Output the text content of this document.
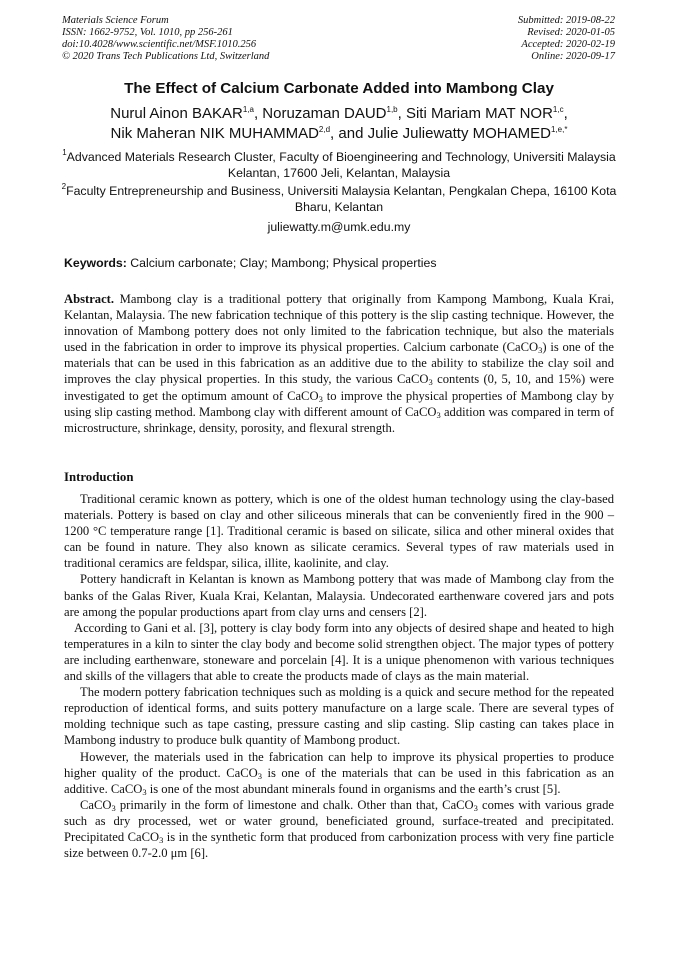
Materials Science Forum
ISSN: 1662-9752, Vol. 1010, pp 256-261
doi:10.4028/www.scientific.net/MSF.1010.256
© 2020 Trans Tech Publications Ltd, Switzerland
Submitted: 2019-08-22
Revised: 2020-01-05
Accepted: 2020-02-19
Online: 2020-09-17
The Effect of Calcium Carbonate Added into Mambong Clay
Nurul Ainon BAKAR$^{1,a}$, Noruzaman DAUD$^{1,b}$, Siti Mariam MAT NOR$^{1,c}$,
Nik Maheran NIK MUHAMMAD$^{2,d}$, and Julie Juliewatty $MOHAMED^{1,e,*}$
$^1$Advanced Materials Research Cluster, Faculty of Bioengineering and Technology, Universiti Malaysia Kelantan, 17600 Jeli, Kelantan, Malaysia
$^2$Faculty Entrepreneurship and Business, Universiti Malaysia Kelantan, Pengkalan Chepa, 16100 Kota Bharu, Kelantan
juliewatty.m@umk.edu.my
Keywords: Calcium carbonate; Clay; Mambong; Physical properties
Abstract. Mambong clay is a traditional pottery that originally from Kampong Mambong, Kuala Krai, Kelantan, Malaysia. The new fabrication technique of this pottery is the slip casting technique. However, the innovation of Mambong pottery does not only limited to the fabrication technique, but also the materials used in the fabrication in order to improve its physical properties. Calcium carbonate (CaCO$_3$) is one of the materials that can be used in this fabrication as an additive due to the ability to stabilize the clay soil and improves the clay physical properties. In this study, the various CaCO$_3$ contents (0, 5, 10, and 15%) were investigated to get the optimum amount of CaCO$_3$ to improve the physical properties of Mambong clay by using slip casting method. Mambong clay with different amount of CaCO$_3$ addition was compared in term of microstructure, shrinkage, density, porosity, and flexural strength.
Introduction

Traditional ceramic known as pottery, which is one of the oldest human technology using the clay-based materials. Pottery is based on clay and other siliceous minerals that can be conveniently fired in the 900 – 1200 °C temperature range [1]. Traditional ceramic is based on silicate, silica and other mineral oxides that can be found in nature. They also known as silicate ceramics. Several types of raw materials used in traditional ceramics are feldspar, silica, illite, kaolinite, and clay.

Pottery handicraft in Kelantan is known as Mambong pottery that was made of Mambong clay from the banks of the Galas River, Kuala Krai, Kelantan, Malaysia. Undecorated earthenware covered jars and pots are among the popular productions apart from clay urns and censers [2].

According to Gani et al. [3], pottery is clay body form into any objects of desired shape and heated to high temperatures in a kiln to sinter the clay body and become solid strengthen object. The major types of pottery are including earthenware, stoneware and porcelain [4]. It is a unique phenomenon with various techniques and skills of the villagers that able to create the products made of clays as the main material.

The modern pottery fabrication techniques such as molding is a quick and secure method for the repeated reproduction of identical forms, and suits pottery manufacture on a large scale. There are several types of molding technique such as tape casting, pressure casting and slip casting. Slip casting can takes place in Mambong industry to produce bulk quantity of Mambong product.

However, the materials used in the fabrication can help to improve its physical properties to produce higher quality of the product. CaCO$_3$ is one of the materials that can be used in this fabrication as an additive. CaCO$_3$ is one of the most abundant minerals found in organisms and the earth’s crust [5].

CaCO$_3$ primarily in the form of limestone and chalk. Other than that, CaCO$_3$ comes with various grade such as dry processed, wet or water ground, beneficiated ground, surface-treated and precipitated. Precipitated CaCO$_3$ is in the synthetic form that produced from carbonization process with very fine particle size between 0.7-2.0 μm [6].
